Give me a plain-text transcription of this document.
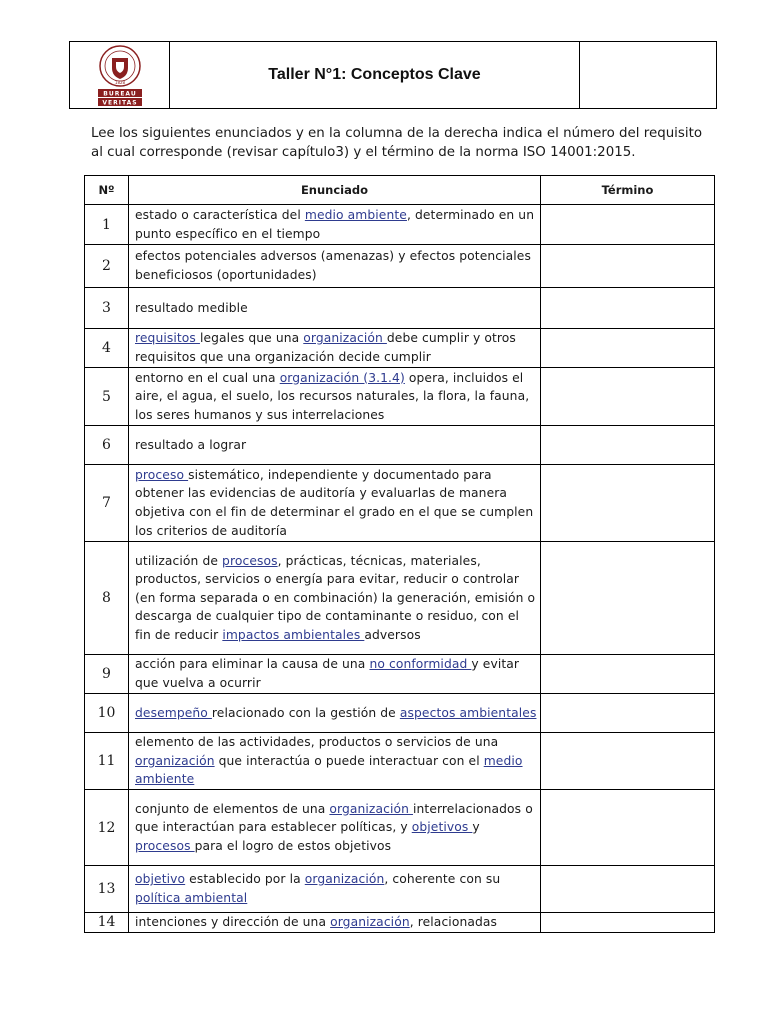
1828
BUREAU
VERITAS
Taller N°1: Conceptos Clave
Lee los siguientes enunciados y en la columna de la derecha indica el número del requisito
al cual corresponde (revisar capítulo3) y el término de la norma ISO 14001:2015.
Nº	Enunciado	Término
1	estado o característica del medio ambiente, determinado en un punto específico en el tiempo	
2	efectos potenciales adversos (amenazas) y efectos potenciales beneficiosos (oportunidades)	
3	resultado medible	
4	requisitos legales que una organización debe cumplir y otros requisitos que una organización decide cumplir	
5	entorno en el cual una organización (3.1.4) opera, incluidos el aire, el agua, el suelo, los recursos naturales, la flora, la fauna, los seres humanos y sus interrelaciones	
6	resultado a lograr	
7	proceso sistemático, independiente y documentado para obtener las evidencias de auditoría y evaluarlas de manera objetiva con el fin de determinar el grado en el que se cumplen los criterios de auditoría	
8	utilización de procesos, prácticas, técnicas, materiales, productos, servicios o energía para evitar, reducir o controlar (en forma separada o en combinación) la generación, emisión o descarga de cualquier tipo de contaminante o residuo, con el fin de reducir impactos ambientales adversos	
9	acción para eliminar la causa de una no conformidad y evitar que vuelva a ocurrir	
10	desempeño relacionado con la gestión de aspectos ambientales	
11	elemento de las actividades, productos o servicios de una organización que interactúa o puede interactuar con el medio ambiente	
12	conjunto de elementos de una organización interrelacionados o que interactúan para establecer políticas, y objetivos y procesos para el logro de estos objetivos	
13	objetivo establecido por la organización, coherente con su política ambiental	
14	intenciones y dirección de una organización, relacionadas	
